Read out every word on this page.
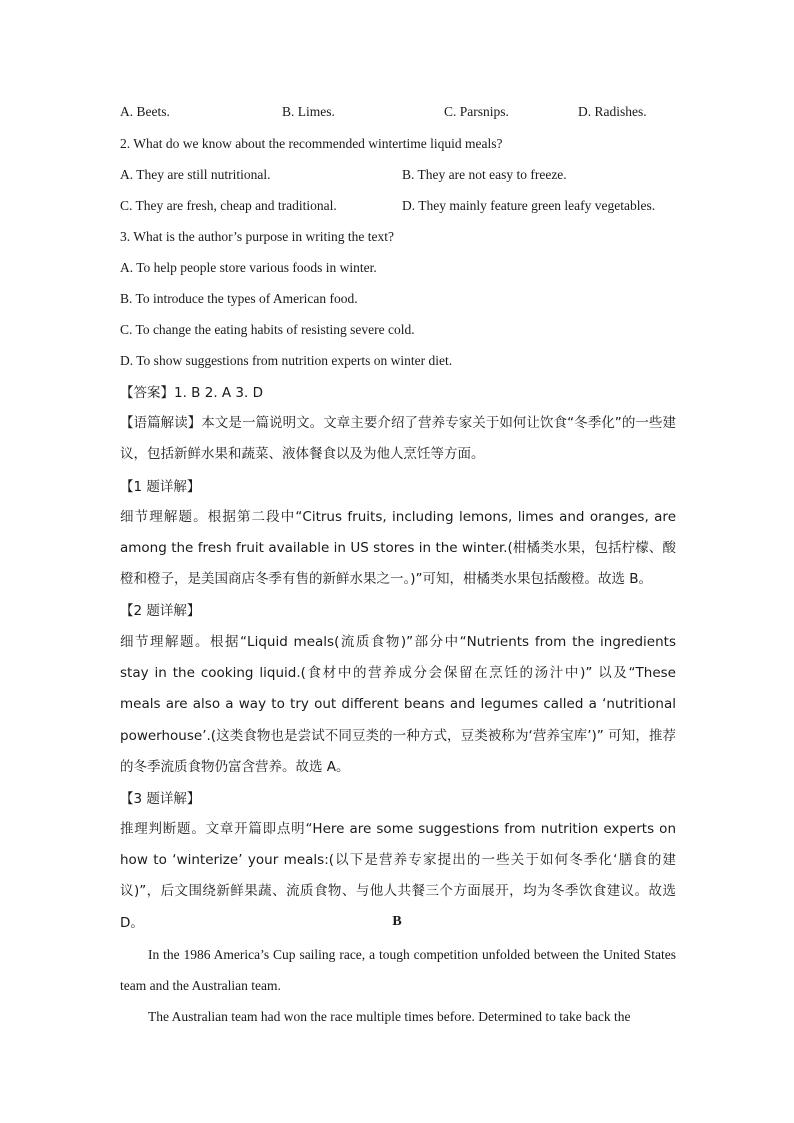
A. Beets.	B. Limes.	C. Parsnips.	D. Radishes.
2. What do we know about the recommended wintertime liquid meals?
A. They are still nutritional.	B. They are not easy to freeze.
C. They are fresh, cheap and traditional.	D. They mainly feature green leafy vegetables.
3. What is the author’s purpose in writing the text?
A. To help people store various foods in winter.
B. To introduce the types of American food.
C. To change the eating habits of resisting severe cold.
D. To show suggestions from nutrition experts on winter diet.
【答案】1. B 2. A 3. D
【语篇解读】本文是一篇说明文。文章主要介绍了营养专家关于如何让饮食“冬季化”的一些建议，包括新鲜水果和蔬菜、液体餐食以及为他人烹饪等方面。
【1 题详解】
细节理解题。根据第二段中“Citrus fruits, including lemons, limes and oranges, are among the fresh fruit available in US stores in the winter.(柑橘类水果，包括柠檬、酸橙和橙子，是美国商店冬季有售的新鲜水果之一。)”可知，柑橘类水果包括酸橙。故选 B。
【2 题详解】
细节理解题。根据“Liquid meals(流质食物)”部分中“Nutrients from the ingredients stay in the cooking liquid.(食材中的营养成分会保留在烹饪的汤汁中)” 以及“These meals are also a way to try out different beans and legumes called a ‘nutritional powerhouse’.(这类食物也是尝试不同豆类的一种方式，豆类被称为‘营养宝库’)” 可知，推荐的冬季流质食物仍富含营养。故选 A。
【3 题详解】
推理判断题。文章开篇即点明“Here are some suggestions from nutrition experts on how to ‘winterize’ your meals:(以下是营养专家提出的一些关于如何冬季化‘膳食的建议)”，后文围绕新鲜果蔬、流质食物、与他人共餐三个方面展开，均为冬季饮食建议。故选 D。	B
In the 1986 America’s Cup sailing race, a tough competition unfolded between the United States team and the Australian team.
The Australian team had won the race multiple times before. Determined to take back the
